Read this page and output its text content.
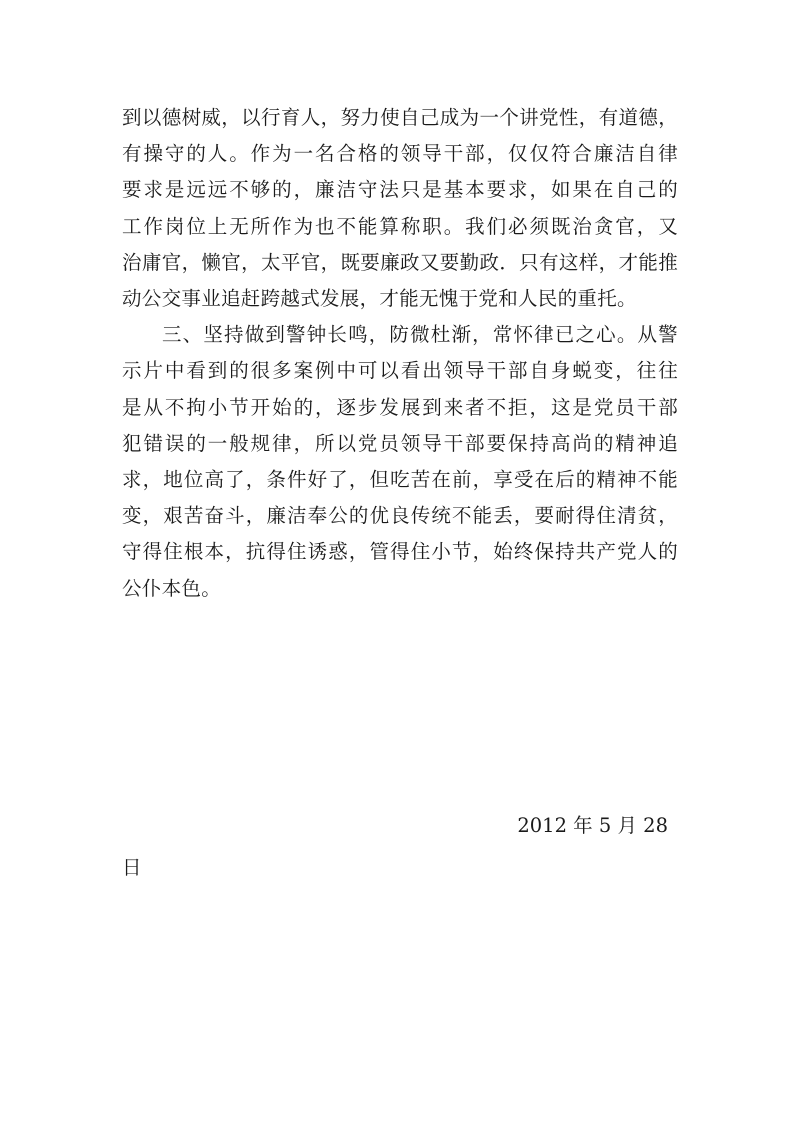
到以德树威，以行育人，努力使自己成为一个讲党性，有道德，
有操守的人。作为一名合格的领导干部，仅仅符合廉洁自律
要求是远远不够的，廉洁守法只是基本要求，如果在自己的
工作岗位上无所作为也不能算称职。我们必须既治贪官，又
治庸官，懒官，太平官，既要廉政又要勤政．只有这样，才能推
动公交事业追赶跨越式发展，才能无愧于党和人民的重托。
三、坚持做到警钟长鸣，防微杜渐，常怀律已之心。从警
示片中看到的很多案例中可以看出领导干部自身蜕变，往往
是从不拘小节开始的，逐步发展到来者不拒，这是党员干部
犯错误的一般规律，所以党员领导干部要保持高尚的精神追
求，地位高了，条件好了，但吃苦在前，享受在后的精神不能
变，艰苦奋斗，廉洁奉公的优良传统不能丢，要耐得住清贫，
守得住根本，抗得住诱惑，管得住小节，始终保持共产党人的
公仆本色。
2012 年 5 月 28
日
